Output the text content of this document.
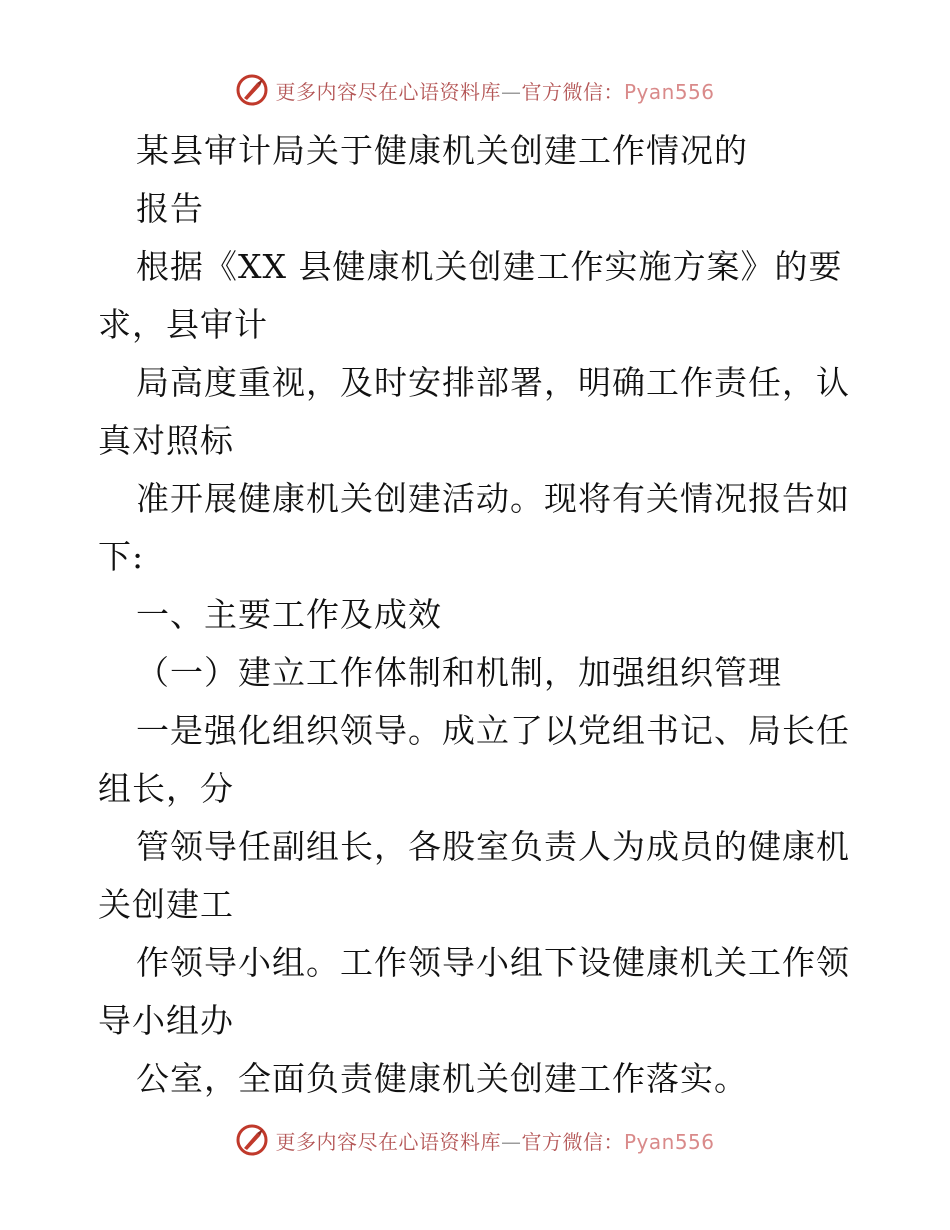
更多内容尽在心语资料库—官方微信：Pyan556
某县审计局关于健康机关创建工作情况的
报告
根据《XX 县健康机关创建工作实施方案》的要
求，县审计
局高度重视，及时安排部署，明确工作责任，认
真对照标
准开展健康机关创建活动。现将有关情况报告如
下:
一、主要工作及成效
（一）建立工作体制和机制，加强组织管理
一是强化组织领导。成立了以党组书记、局长任
组长，分
管领导任副组长，各股室负责人为成员的健康机
关创建工
作领导小组。工作领导小组下设健康机关工作领
导小组办
公室，全面负责健康机关创建工作落实。
更多内容尽在心语资料库—官方微信：Pyan556
